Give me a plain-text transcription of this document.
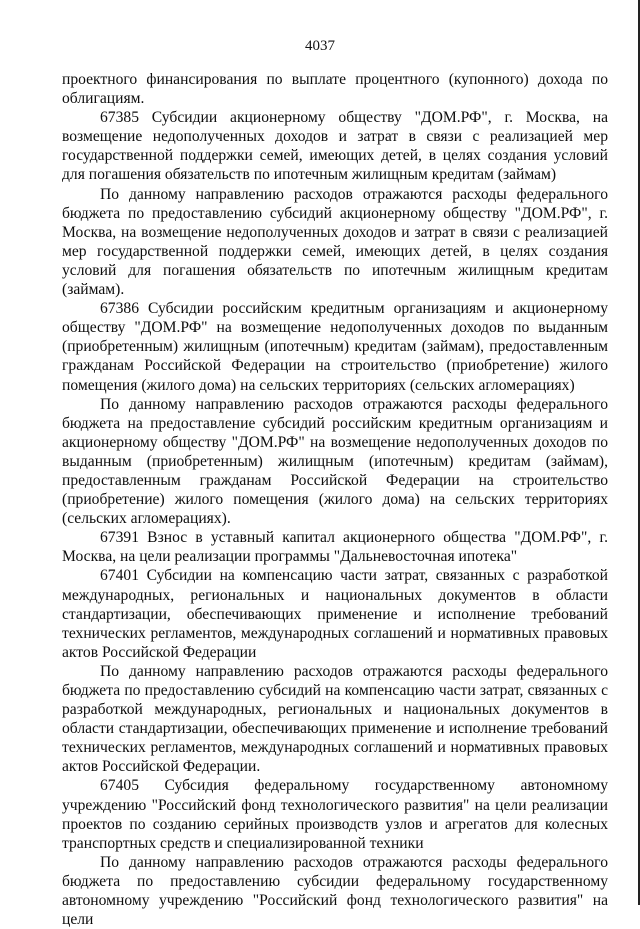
4037

проектного финансирования по выплате процентного (купонного) дохода по облигациям.

67385 Субсидии акционерному обществу "ДОМ.РФ", г. Москва, на возмещение недополученных доходов и затрат в связи с реализацией мер государственной поддержки семей, имеющих детей, в целях создания условий для погашения обязательств по ипотечным жилищным кредитам (займам)

По данному направлению расходов отражаются расходы федерального бюджета по предоставлению субсидий акционерному обществу "ДОМ.РФ", г. Москва, на возмещение недополученных доходов и затрат в связи с реализацией мер государственной поддержки семей, имеющих детей, в целях создания условий для погашения обязательств по ипотечным жилищным кредитам (займам).

67386 Субсидии российским кредитным организациям и акционерному обществу "ДОМ.РФ" на возмещение недополученных доходов по выданным (приобретенным) жилищным (ипотечным) кредитам (займам), предоставленным гражданам Российской Федерации на строительство (приобретение) жилого помещения (жилого дома) на сельских территориях (сельских агломерациях)

По данному направлению расходов отражаются расходы федерального бюджета на предоставление субсидий российским кредитным организациям и акционерному обществу "ДОМ.РФ" на возмещение недополученных доходов по выданным (приобретенным) жилищным (ипотечным) кредитам (займам), предоставленным гражданам Российской Федерации на строительство (приобретение) жилого помещения (жилого дома) на сельских территориях (сельских агломерациях).

67391 Взнос в уставный капитал акционерного общества "ДОМ.РФ", г. Москва, на цели реализации программы "Дальневосточная ипотека"

67401 Субсидии на компенсацию части затрат, связанных с разработкой международных, региональных и национальных документов в области стандартизации, обеспечивающих применение и исполнение требований технических регламентов, международных соглашений и нормативных правовых актов Российской Федерации

По данному направлению расходов отражаются расходы федерального бюджета по предоставлению субсидий на компенсацию части затрат, связанных с разработкой международных, региональных и национальных документов в области стандартизации, обеспечивающих применение и исполнение требований технических регламентов, международных соглашений и нормативных правовых актов Российской Федерации.

67405 Субсидия федеральному государственному автономному учреждению "Российский фонд технологического развития" на цели реализации проектов по созданию серийных производств узлов и агрегатов для колесных транспортных средств и специализированной техники

По данному направлению расходов отражаются расходы федерального бюджета по предоставлению субсидии федеральному государственному автономному учреждению "Российский фонд технологического развития" на цели
